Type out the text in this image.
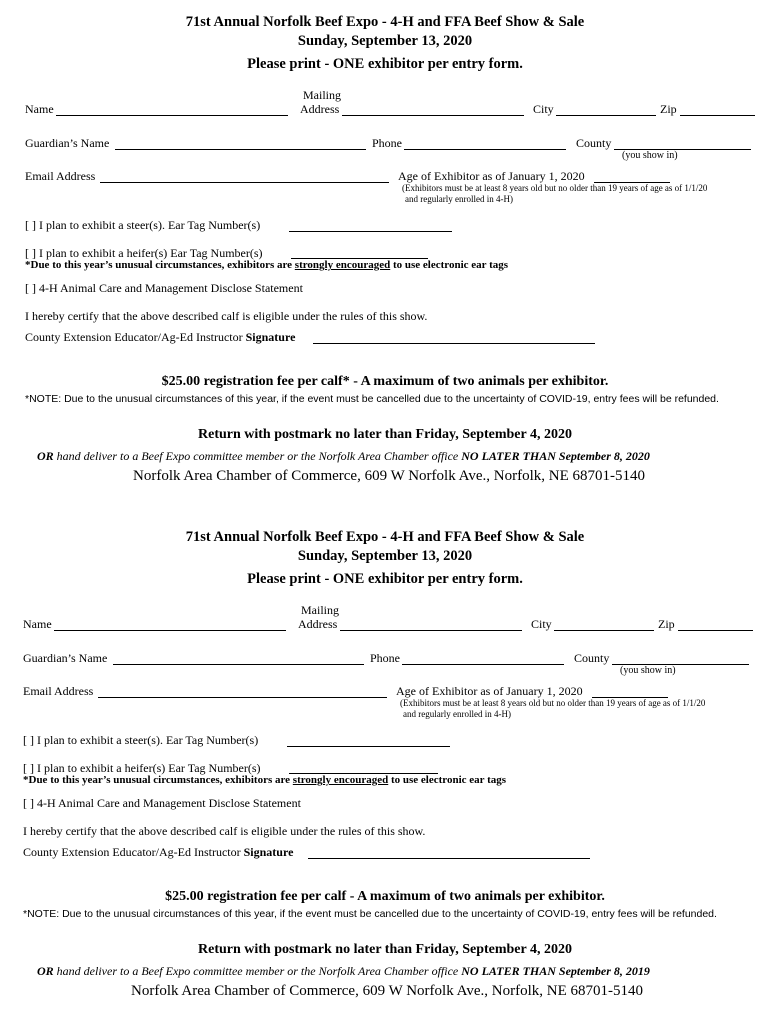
71st Annual Norfolk Beef Expo - 4-H and FFA Beef Show & Sale
Sunday, September 13, 2020
Please print - ONE exhibitor per entry form.
Name
Mailing
Address	City	Zip
Guardian’s Name	Phone	County
(you show in)
Email Address	Age of Exhibitor as of January 1, 2020
(Exhibitors must be at least 8 years old but no older than 19 years of age as of 1/1/20
and regularly enrolled in 4-H)
[ ] I plan to exhibit a steer(s). Ear Tag Number(s)
[ ] I plan to exhibit a heifer(s) Ear Tag Number(s)
*Due to this year’s unusual circumstances, exhibitors are strongly encouraged to use electronic ear tags
[ ] 4-H Animal Care and Management Disclose Statement
I hereby certify that the above described calf is eligible under the rules of this show.
County Extension Educator/Ag-Ed Instructor Signature
$25.00 registration fee per calf* - A maximum of two animals per exhibitor.
*NOTE: Due to the unusual circumstances of this year, if the event must be cancelled due to the uncertainty of COVID-19, entry fees will be refunded.
Return with postmark no later than Friday, September 4, 2020
OR hand deliver to a Beef Expo committee member or the Norfolk Area Chamber office NO LATER THAN September 8, 2020
Norfolk Area Chamber of Commerce, 609 W Norfolk Ave., Norfolk, NE 68701-5140
71st Annual Norfolk Beef Expo - 4-H and FFA Beef Show & Sale
Sunday, September 13, 2020
Please print - ONE exhibitor per entry form.
Name
Mailing
Address	City	Zip
Guardian’s Name	Phone	County
(you show in)
Email Address	Age of Exhibitor as of January 1, 2020
(Exhibitors must be at least 8 years old but no older than 19 years of age as of 1/1/20
and regularly enrolled in 4-H)
[ ] I plan to exhibit a steer(s). Ear Tag Number(s)
[ ] I plan to exhibit a heifer(s) Ear Tag Number(s)
*Due to this year’s unusual circumstances, exhibitors are strongly encouraged to use electronic ear tags
[ ] 4-H Animal Care and Management Disclose Statement
I hereby certify that the above described calf is eligible under the rules of this show.
County Extension Educator/Ag-Ed Instructor Signature
$25.00 registration fee per calf - A maximum of two animals per exhibitor.
*NOTE: Due to the unusual circumstances of this year, if the event must be cancelled due to the uncertainty of COVID-19, entry fees will be refunded.
Return with postmark no later than Friday, September 4, 2020
OR hand deliver to a Beef Expo committee member or the Norfolk Area Chamber office NO LATER THAN September 8, 2019
Norfolk Area Chamber of Commerce, 609 W Norfolk Ave., Norfolk, NE 68701-5140
